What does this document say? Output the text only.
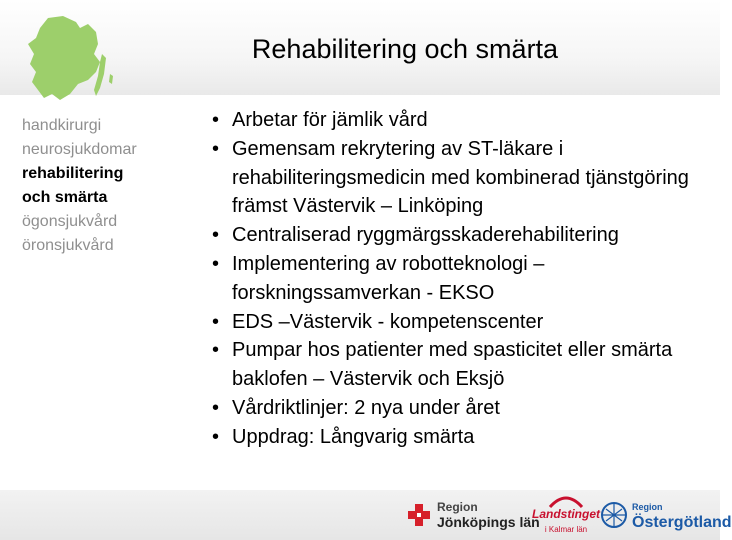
Rehabilitering och smärta
handkirurgi
neurosjukdomar
rehabilitering
och smärta
ögonsjukvård
öronsjukvård
• Arbetar för jämlik vård
• Gemensam rekrytering av ST-läkare i rehabiliteringsmedicin med kombinerad tjänstgöring främst Västervik – Linköping
• Centraliserad ryggmärgsskaderehabilitering
• Implementering av robotteknologi – forskningssamverkan - EKSO
• EDS –Västervik - kompetenscenter
• Pumpar hos patienter med spasticitet eller smärta baklofen – Västervik och Eksjö
• Vårdriktlinjer: 2 nya under året
• Uppdrag: Långvarig smärta
Region
Jönköpings län
Landstinget
i Kalmar län
Region
Östergötland
